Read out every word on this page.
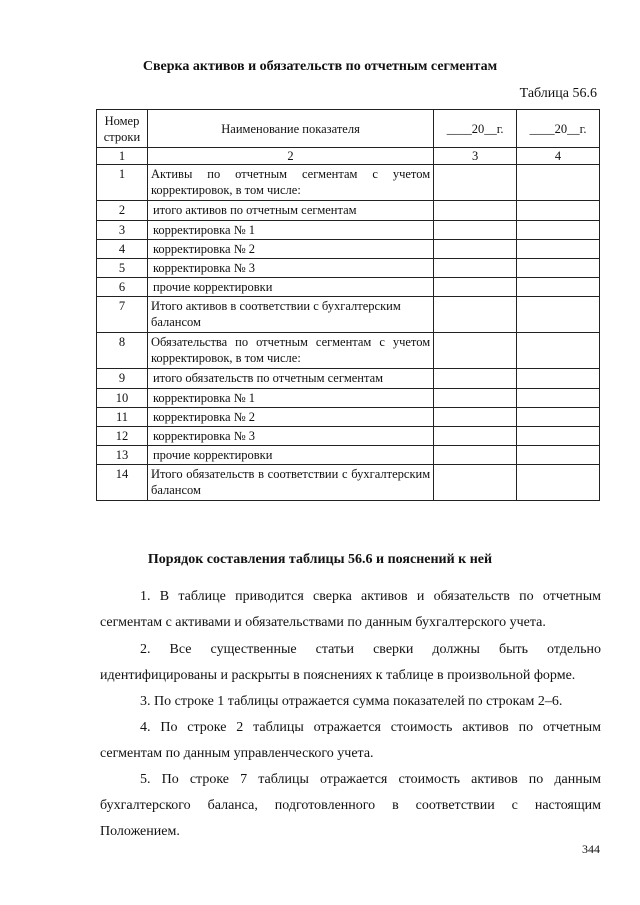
Сверка активов и обязательств по отчетным сегментам
Таблица 56.6
Номер строки	Наименование показателя	____20__г.	____20__г.
1	2	3	4
1	Активы по отчетным сегментам с учетом корректировок, в том числе:		
2	итого активов по отчетным сегментам		
3	корректировка № 1		
4	корректировка № 2		
5	корректировка № 3		
6	прочие корректировки		
7	Итого активов в соответствии с бухгалтерским балансом		
8	Обязательства по отчетным сегментам с учетом корректировок, в том числе:		
9	итого обязательств по отчетным сегментам		
10	корректировка № 1		
11	корректировка № 2		
12	корректировка № 3		
13	прочие корректировки		
14	Итого обязательств в соответствии с бухгалтерским балансом		
Порядок составления таблицы 56.6 и пояснений к ней

1. В таблице приводится сверка активов и обязательств по отчетным сегментам с активами и обязательствами по данным бухгалтерского учета.

2. Все существенные статьи сверки должны быть отдельно идентифицированы и раскрыты в пояснениях к таблице в произвольной форме.

3. По строке 1 таблицы отражается сумма показателей по строкам 2–6.

4. По строке 2 таблицы отражается стоимость активов по отчетным сегментам по данным управленческого учета.

5. По строке 7 таблицы отражается стоимость активов по данным бухгалтерского баланса, подготовленного в соответствии с настоящим Положением.

344
